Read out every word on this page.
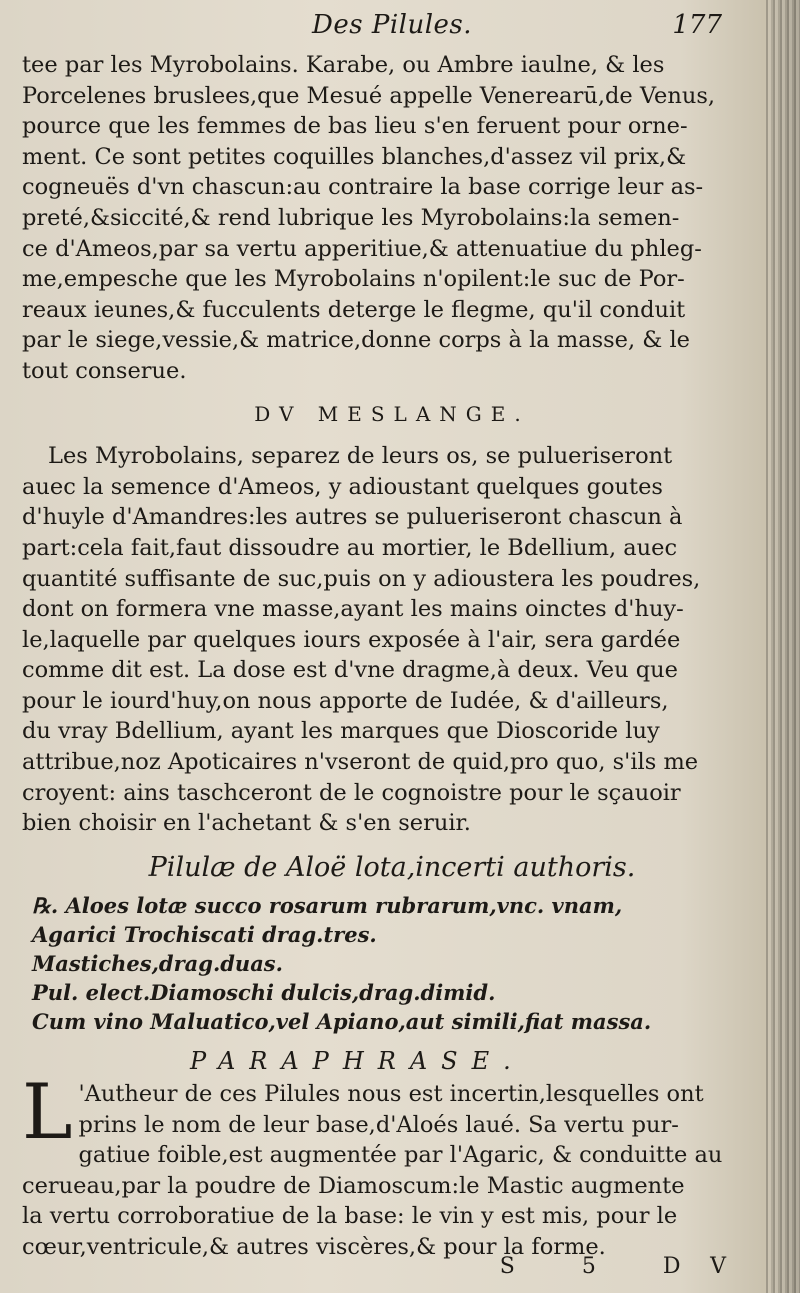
Des Pilules.	177
tee par les Myrobolains. Karabe, ou Ambre iaulne, & les
Porcelenes bruslees,que Mesué appelle Venerearū,de Venus,
pource que les femmes de bas lieu s'en feruent pour orne-
ment. Ce sont petites coquilles blanches,d'assez vil prix,&
cogneuës d'vn chascun:au contraire la base corrige leur as-
preté,&siccité,& rend lubrique les Myrobolains:la semen-
ce d'Ameos,par sa vertu apperitiue,& attenuatiue du phleg-
me,empesche que les Myrobolains n'opilent:le suc de Por-
reaux ieunes,& fucculents deterge le flegme, qu'il conduit
par le siege,vessie,& matrice,donne corps à la masse, & le
tout conserue.
DV MESLANGE.
Les Myrobolains, separez de leurs os, se pulueriseront
auec la semence d'Ameos, y adioustant quelques goutes
d'huyle d'Amandres:les autres se pulueriseront chascun à
part:cela fait,faut dissoudre au mortier, le Bdellium, auec
quantité suffisante de suc,puis on y adioustera les poudres,
dont on formera vne masse,ayant les mains oinctes d'huy-
le,laquelle par quelques iours exposée à l'air, sera gardée
comme dit est. La dose est d'vne dragme,à deux. Veu que
pour le iourd'huy,on nous apporte de Iudée, & d'ailleurs,
du vray Bdellium, ayant les marques que Dioscoride luy
attribue,noz Apoticaires n'vseront de quid,pro quo, s'ils me
croyent: ains taschceront de le cognoistre pour le sçauoir
bien choisir en l'achetant & s'en seruir.
Pilulæ de Aloë lota,incerti authoris.
℞. Aloes lotæ succo rosarum rubrarum,vnc. vnam,
Agarici Trochiscati drag.tres.
Mastiches,drag.duas.
Pul. elect.Diamoschi dulcis,drag.dimid.
Cum vino Maluatico,vel Apiano,aut simili,fiat massa.
PARAPHRASE.
L 'Autheur de ces Pilules nous est incertin,lesquelles ont
prins le nom de leur base,d'Aloés laué. Sa vertu pur-
gatiue foible,est augmentée par l'Agaric, & conduitte au
cerueau,par la poudre de Diamoscum:le Mastic augmente
la vertu corroboratiue de la base: le vin y est mis, pour le
cœur,ventricule,& autres viscères,& pour la forme.
S 5 DV
